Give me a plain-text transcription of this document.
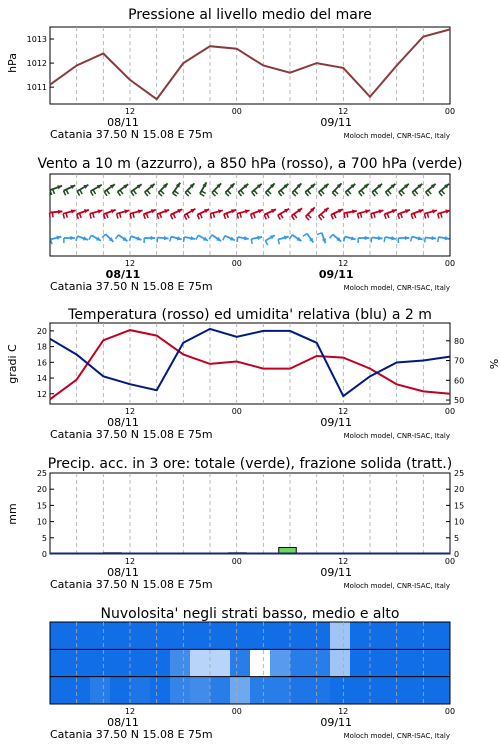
Pressione al livello medio del mare
hPa
1011
1012
1013
Vento a 10 m (azzurro), a 850 hPa (rosso), a 700 hPa (verde)
Temperatura (rosso) ed umidita' relativa (blu) a 2 m
gradi C	%
12
14
16
18
20
50
60
70
80
Precip. acc. in 3 ore: totale (verde), frazione solida (tratt.)
mm
0	0
5	5
10	10
15	15
20	20
25	25
Nuvolosita' negli strati basso, medio e alto
12	00	12	00
08/11	09/11
Catania 37.50 N 15.08 E 75m	Moloch model, CNR-ISAC, Italy
12	00	12	00
08/11	09/11
Catania 37.50 N 15.08 E 75m	Moloch model, CNR-ISAC, Italy
12	00	12	00
08/11	09/11
Catania 37.50 N 15.08 E 75m	Moloch model, CNR-ISAC, Italy
12	00	12	00
08/11	09/11
Catania 37.50 N 15.08 E 75m	Moloch model, CNR-ISAC, Italy
12	00	12	00
08/11	09/11
Catania 37.50 N 15.08 E 75m	Moloch model, CNR-ISAC, Italy
